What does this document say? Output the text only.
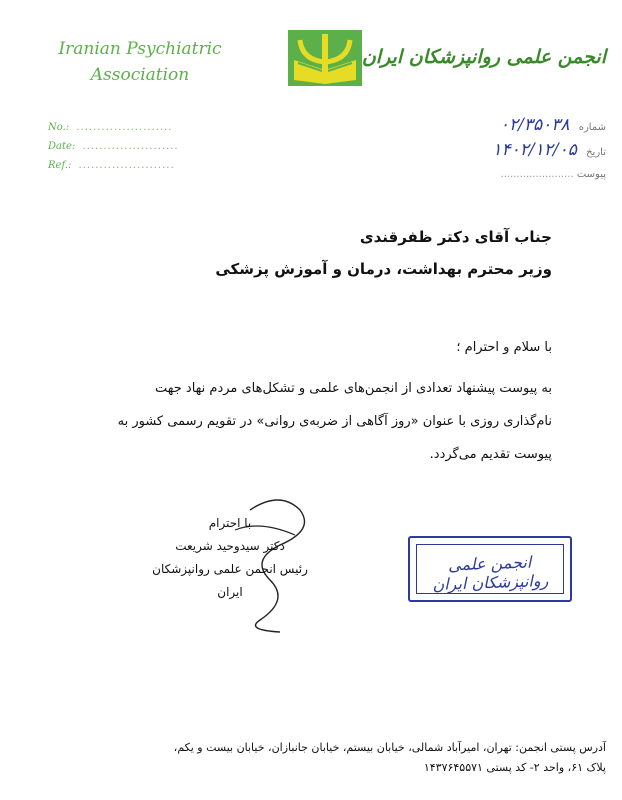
Iranian Psychiatric
Association
انجمن علمی روانپزشکان ایران
No.: .......................
Date: .......................
Ref.: .......................
شماره ۰۲/۳۵۰۳۸
تاریخ ۱۴۰۲/۱۲/۰۵
پیوست .......................
جناب آقای دکتر ظفرقندی
وزیر محترم بهداشت، درمان و آموزش پزشکی
با سلام و احترام ؛
به پیوست پیشنهاد تعدادی از انجمن‌های علمی و تشکل‌های مردم نهاد جهت
نام‌گذاری روزی با عنوان «روز آگاهی از ضربه‌ی روانی» در تقویم رسمی کشور به
پیوست تقدیم می‌گردد.
با احترام
دکتر سیدوحید شریعت
رئیس انجمن علمی روانپزشکان ایران
انجمن علمی روانپزشکان ایران
آدرس پستی انجمن: تهران، امیرآباد شمالی، خیابان بیستم، خیابان جانبازان، خیابان بیست و یکم،
پلاک ۶۱، واحد ۲- کد پستی ۱۴۳۷۶۴۵۵۷۱
